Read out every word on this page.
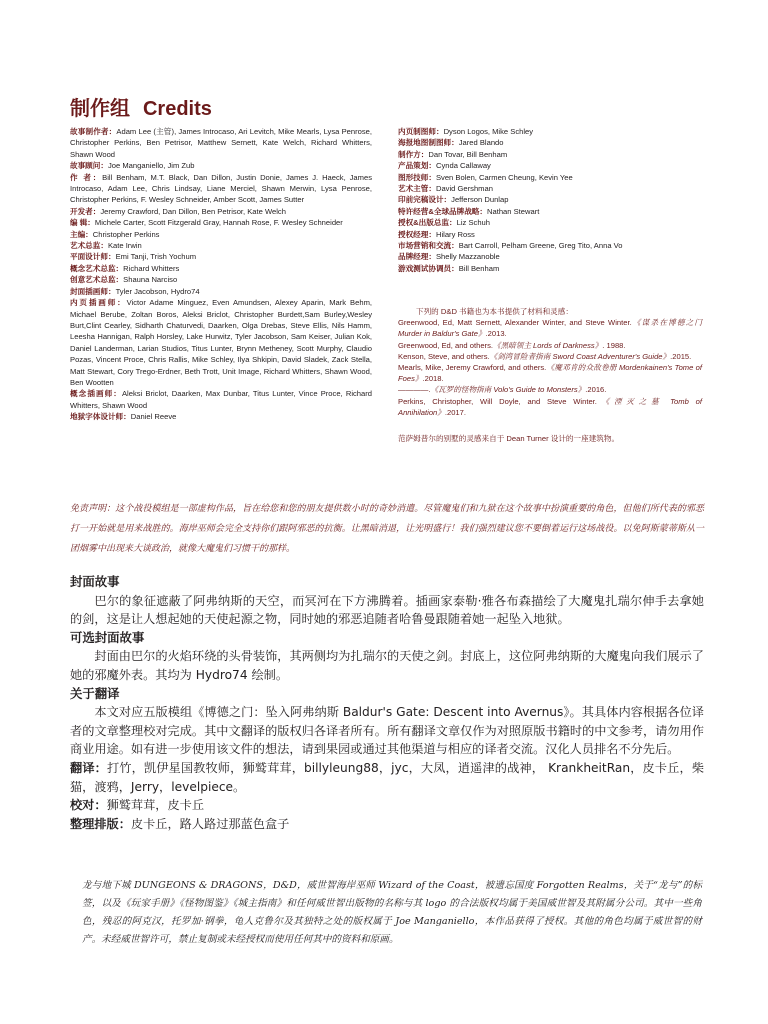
制作组 Credits
故事制作者：Adam Lee (主管), James Introcaso, Ari Levitch, Mike Mearls, Lysa Penrose, Christopher Perkins, Ben Petrisor, Matthew Sernett, Kate Welch, Richard Whitters, Shawn Wood
故事顾问：Joe Manganiello, Jim Zub
作 者：Bill Benham, M.T. Black, Dan Dillon, Justin Donie, James J. Haeck, James Introcaso, Adam Lee, Chris Lindsay, Liane Merciel, Shawn Merwin, Lysa Penrose, Christopher Perkins, F. Wesley Schneider, Amber Scott, James Sutter
开发者：Jeremy Crawford, Dan Dillon, Ben Petrisor, Kate Welch
编 辑：Michele Carter, Scott Fitzgerald Gray, Hannah Rose, F. Wesley Schneider
主编：Christopher Perkins
艺术总监：Kate Irwin
平面设计师：Emi Tanji, Trish Yochum
概念艺术总监：Richard Whitters
创意艺术总监：Shauna Narciso
封面插画师：Tyler Jacobson, Hydro74
内页插画师：Victor Adame Minguez, Even Amundsen, Alexey Aparin, Mark Behm, Michael Berube, Zoltan Boros, Aleksi Briclot, Christopher Burdett,Sam Burley,Wesley Burt,Clint Cearley, Sidharth Chaturvedi, Daarken, Olga Drebas, Steve Ellis, Nils Hamm, Leesha Hannigan, Ralph Horsley, Lake Hurwitz, Tyler Jacobson, Sam Keiser, Julian Kok, Daniel Landerman, Larian Studios, Titus Lunter, Brynn Metheney, Scott Murphy, Claudio Pozas, Vincent Proce, Chris Rallis, Mike Schley, Ilya Shkipin, David Sladek, Zack Stella, Matt Stewart, Cory Trego-Erdner, Beth Trott, Unit Image, Richard Whitters, Shawn Wood, Ben Wootten
概念插画师：Aleksi Briclot, Daarken, Max Dunbar, Titus Lunter, Vince Proce, Richard Whitters, Shawn Wood
地狱字体设计师：Daniel Reeve
内页制图师：Dyson Logos, Mike Schley
海报地图制图师：Jared Blando
制作方：Dan Tovar, Bill Benham
产品策划：Cynda Callaway
图形技师：Sven Bolen, Carmen Cheung, Kevin Yee
艺术主管：David Gershman
印前完稿设计：Jefferson Dunlap
特许经营&全球品牌战略：Nathan Stewart
授权&出版总监：Liz Schuh
授权经理：Hilary Ross
市场营销和交流：Bart Carroll, Pelham Greene, Greg Tito, Anna Vo
品牌经理：Shelly Mazzanoble
游戏测试协调员：Bill Benham
下列的 D&D 书籍也为本书提供了材料和灵感：
Greenwood, Ed, Matt Sernett, Alexander Winter, and Steve Winter.《谋杀在博德之门 Murder in Baldur's Gate》.2013.
Greenwood, Ed, and others.《黑暗领主 Lords of Darkness》. 1988.
Kenson, Steve, and others.《剑湾冒险者指南 Sword Coast Adventurer's Guide》.2015.
Mearls, Mike, Jeremy Crawford, and others.《魔邓肯的众敌卷册 Mordenkainen's Tome of Foes》.2018.
————.《瓦罗的怪物指南 Volo's Guide to Monsters》.2016.
Perkins, Christopher, Will Doyle, and Steve Winter.《湮灭之墓 Tomb of Annihilation》.2017.
范萨姆普尔的别墅的灵感来自于 Dean Turner 设计的一座建筑物。
免责声明：这个战役模组是一部虚构作品，旨在给您和您的朋友提供数小时的奇妙消遣。尽管魔鬼们和九狱在这个故事中扮演重要的角色，但他们所代表的邪恶打一开始就是用来战胜的。海岸巫师会完全支持你们跟阿邪恶的抗衡。让黑暗消退，让光明盛行！我们强烈建议您不要倒着运行这场战役。以免阿斯蒙蒂斯从一团烟雾中出现来大谈政治，就像大魔鬼们习惯干的那样。
封面故事
巴尔的象征遮蔽了阿弗纳斯的天空，而冥河在下方沸腾着。插画家泰勒·雅各布森描绘了大魔鬼扎瑞尔伸手去拿她的剑，这是让人想起她的天使起源之物，同时她的邪恶追随者哈鲁曼跟随着她一起坠入地狱。
可选封面故事
封面由巴尔的火焰环绕的头骨装饰，其两侧均为扎瑞尔的天使之剑。封底上，这位阿弗纳斯的大魔鬼向我们展示了她的邪魔外表。其均为 Hydro74 绘制。
关于翻译
本文对应五版模组《博德之门：坠入阿弗纳斯 Baldur's Gate: Descent into Avernus》。其具体内容根据各位译者的文章整理校对完成。其中文翻译的版权归各译者所有。所有翻译文章仅作为对照原版书籍时的中文参考，请勿用作商业用途。如有进一步使用该文件的想法，请到果园或通过其他渠道与相应的译者交流。汉化人员排名不分先后。
翻译：打竹，凯伊星国教牧师，狮鹫茸茸，billyleung88，jyc，大凤，逍遥津的战神， KrankheitRan，皮卡丘，柴猫，渡鸦，Jerry，levelpiece。
校对：狮鹫茸茸，皮卡丘
整理排版：皮卡丘，路人路过那蓝色盒子
龙与地下城 DUNGEONS & DRAGONS，D&D，威世智海岸巫师 Wizard of the Coast，被遗忘国度 Forgotten Realms，关于“龙与”的标签，以及《玩家手册》《怪物图鉴》《城主指南》和任何威世智出版物的名称与其 logo 的合法版权均属于美国威世智及其附属分公司。其中一些角色，残忍的阿克汉，托罗加·钢拳，龟人克鲁尔及其独特之处的版权属于 Joe Manganiello，本作品获得了授权。其他的角色均属于威世智的财产。未经威世智许可，禁止复制或未经授权而使用任何其中的资料和原画。
